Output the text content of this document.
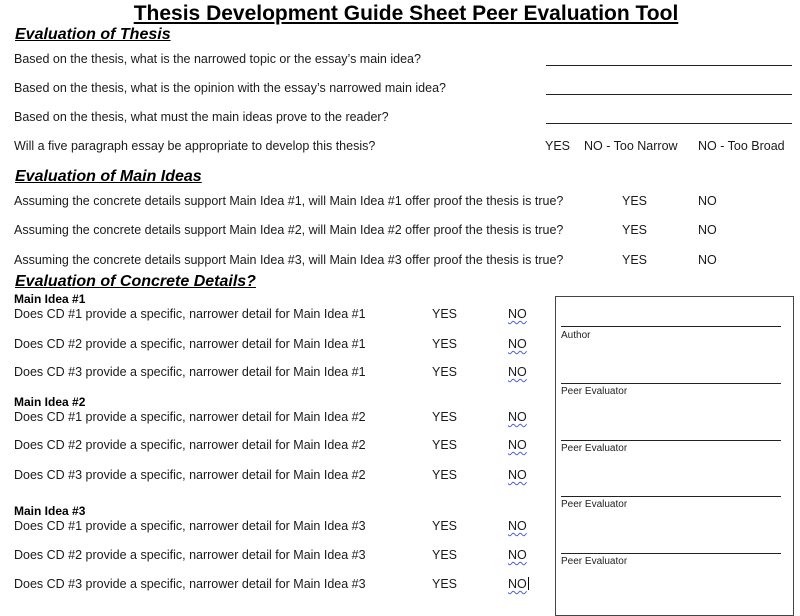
Thesis Development Guide Sheet Peer Evaluation Tool
Evaluation of Thesis
Based on the thesis, what is the narrowed topic or the essay’s main idea?
Based on the thesis, what is the opinion with the essay’s narrowed main idea?
Based on the thesis, what must the main ideas prove to the reader?
Will a five paragraph essay be appropriate to develop this thesis?	YES NO - Too Narrow NO - Too Broad
Evaluation of Main Ideas
Assuming the concrete details support Main Idea #1, will Main Idea #1 offer proof the thesis is true?	YES	NO
Assuming the concrete details support Main Idea #2, will Main Idea #2 offer proof the thesis is true?	YES	NO
Assuming the concrete details support Main Idea #3, will Main Idea #3 offer proof the thesis is true?	YES	NO
Evaluation of Concrete Details?
Main Idea #1
Does CD #1 provide a specific, narrower detail for Main Idea #1	YES	NO
Does CD #2 provide a specific, narrower detail for Main Idea #1	YES	NO
Does CD #3 provide a specific, narrower detail for Main Idea #1	YES	NO
Main Idea #2
Does CD #1 provide a specific, narrower detail for Main Idea #2	YES	NO
Does CD #2 provide a specific, narrower detail for Main Idea #2	YES	NO
Does CD #3 provide a specific, narrower detail for Main Idea #2	YES	NO
Main Idea #3
Does CD #1 provide a specific, narrower detail for Main Idea #3	YES	NO
Does CD #2 provide a specific, narrower detail for Main Idea #3	YES	NO
Does CD #3 provide a specific, narrower detail for Main Idea #3	YES	NO
Author
Peer Evaluator
Peer Evaluator
Peer Evaluator
Peer Evaluator
